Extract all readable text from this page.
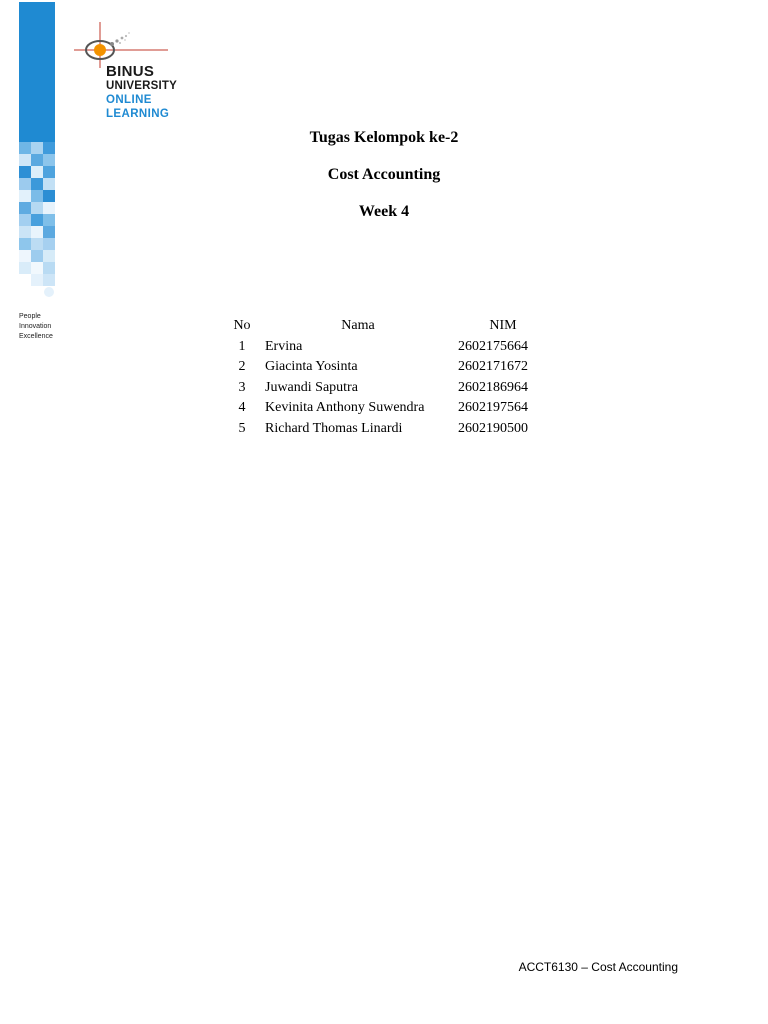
People
Innovation
Excellence
BINUS
UNIVERSITY
ONLINE
LEARNING
Tugas Kelompok ke-2
Cost Accounting
Week 4
No	Nama	NIM
1	Ervina	2602175664
2	Giacinta Yosinta	2602171672
3	Juwandi Saputra	2602186964
4	Kevinita Anthony Suwendra	2602197564
5	Richard Thomas Linardi	2602190500
ACCT6130 – Cost Accounting
